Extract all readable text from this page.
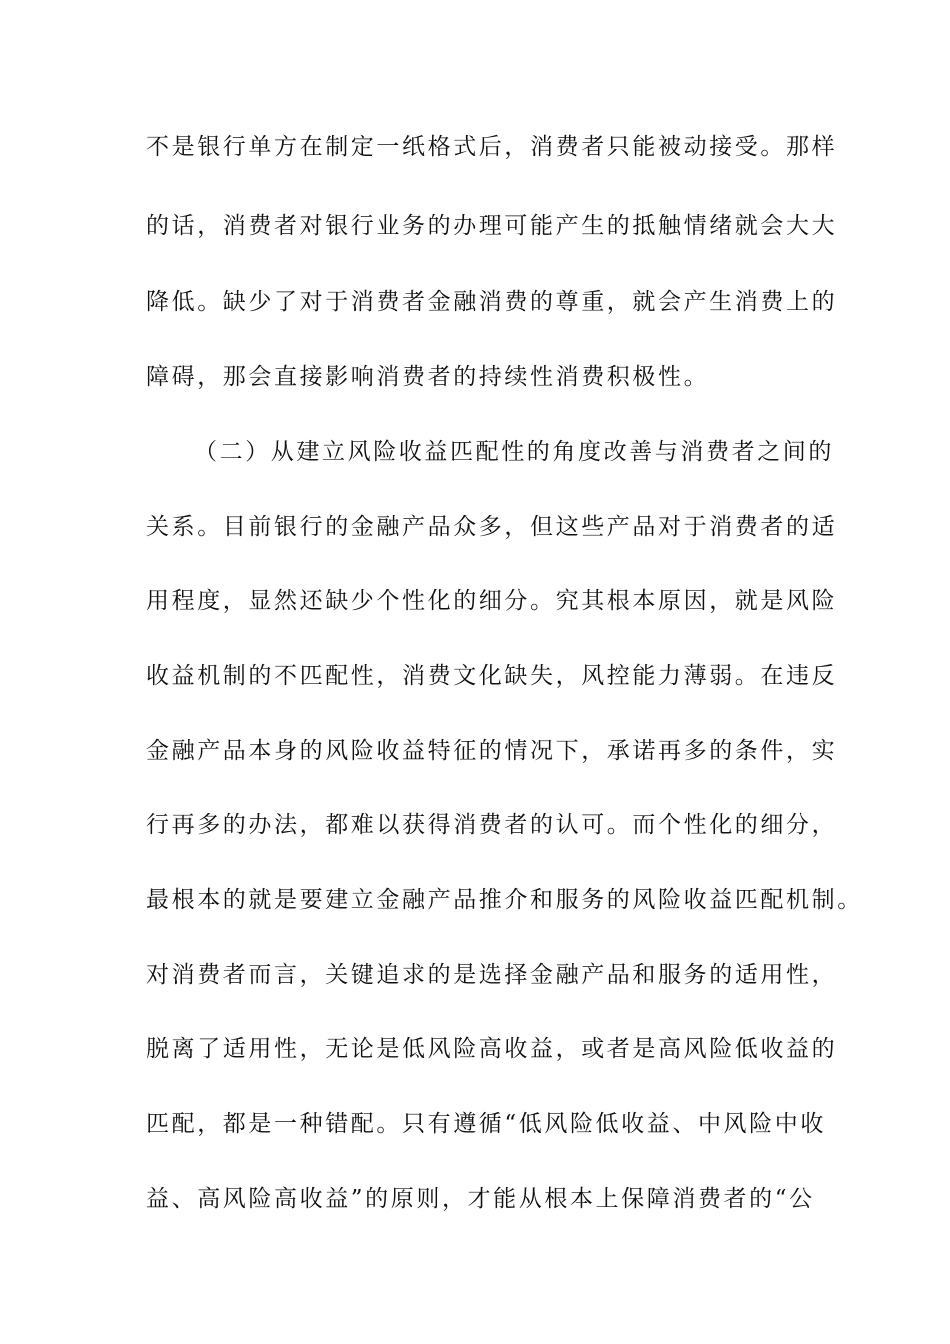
不是银行单方在制定一纸格式后，消费者只能被动接受。那样
的话，消费者对银行业务的办理可能产生的抵触情绪就会大大
降低。缺少了对于消费者金融消费的尊重，就会产生消费上的
障碍，那会直接影响消费者的持续性消费积极性。
（二）从建立风险收益匹配性的角度改善与消费者之间的
关系。目前银行的金融产品众多，但这些产品对于消费者的适
用程度，显然还缺少个性化的细分。究其根本原因，就是风险
收益机制的不匹配性，消费文化缺失，风控能力薄弱。在违反
金融产品本身的风险收益特征的情况下，承诺再多的条件，实
行再多的办法，都难以获得消费者的认可。而个性化的细分，
最根本的就是要建立金融产品推介和服务的风险收益匹配机制。
对消费者而言，关键追求的是选择金融产品和服务的适用性，
脱离了适用性，无论是低风险高收益，或者是高风险低收益的
匹配，都是一种错配。只有遵循“低风险低收益、中风险中收
益、高风险高收益”的原则，才能从根本上保障消费者的“公
